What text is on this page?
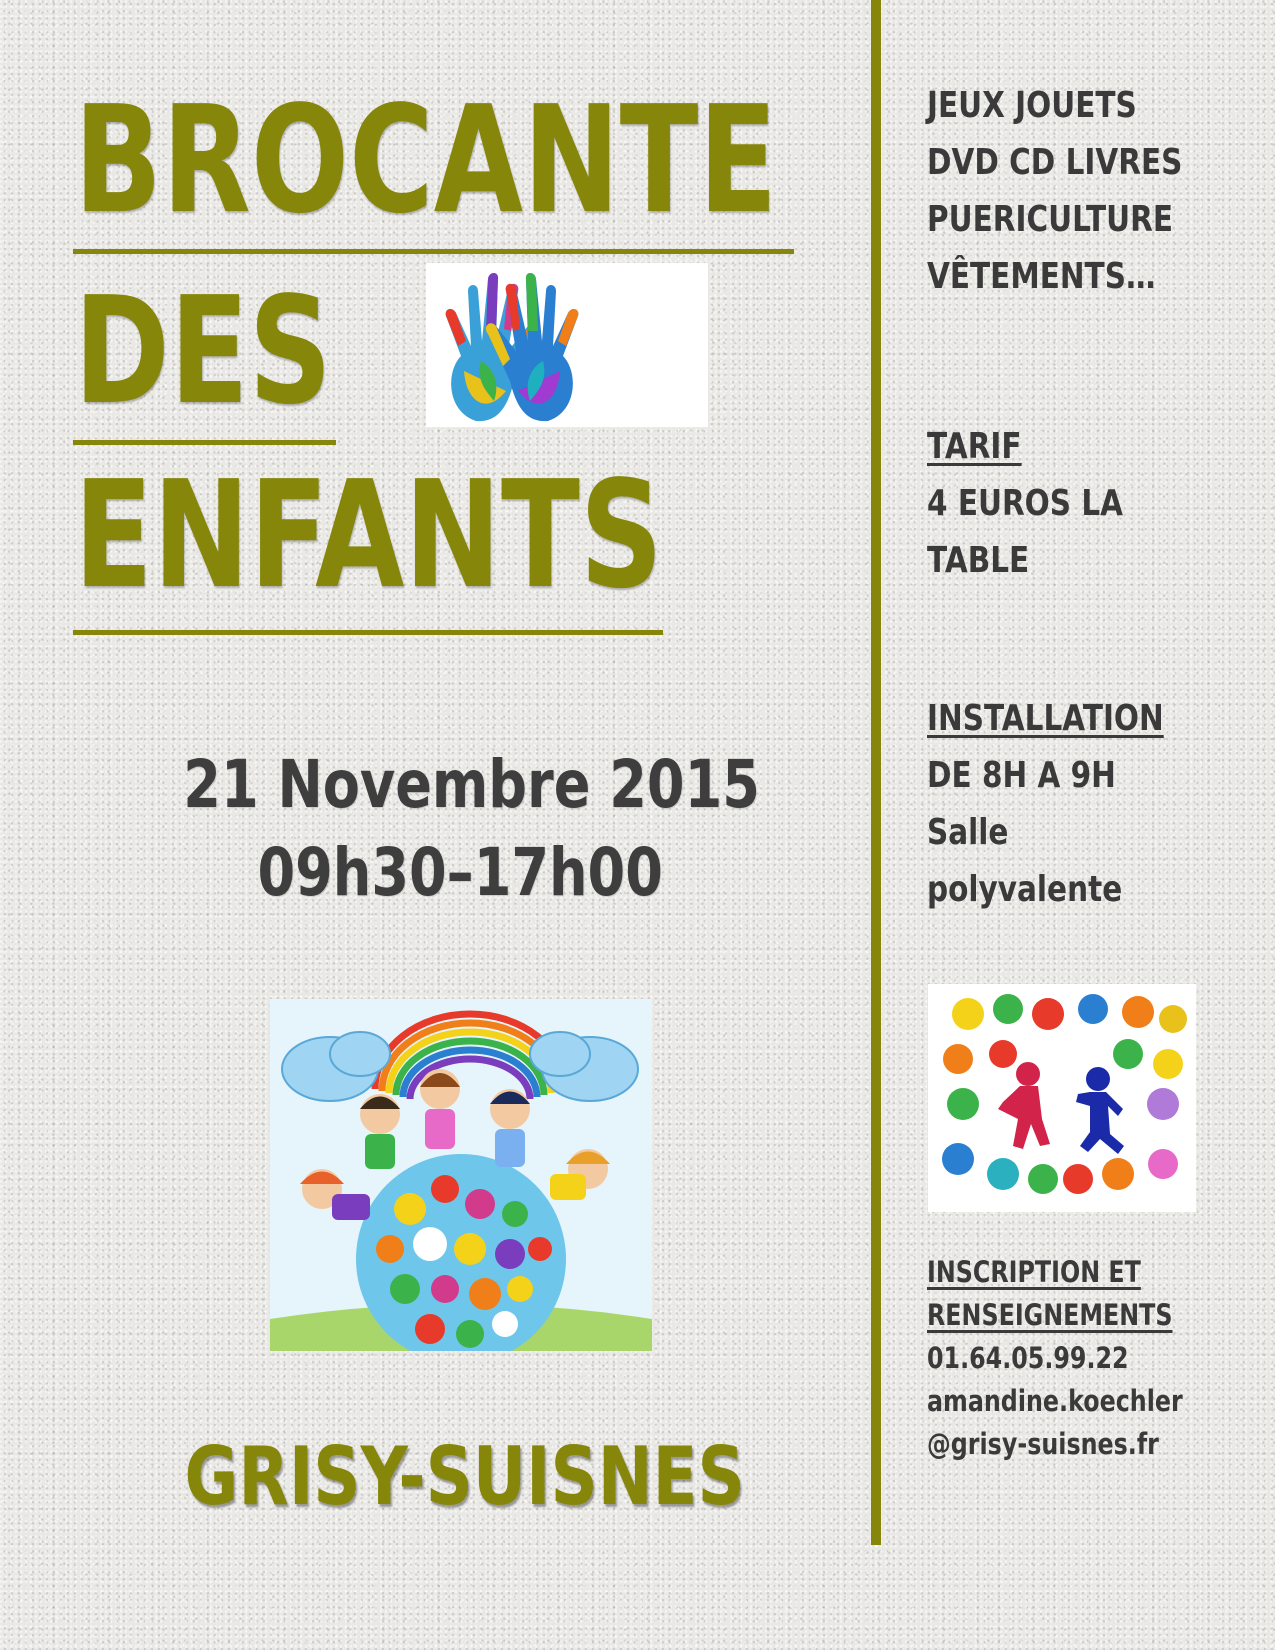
BROCANTE
DES
ENFANTS
21 Novembre 2015
09h30–17h00
GRISY-SUISNES
JEUX JOUETS
DVD CD LIVRES
PUERICULTURE
VÊTEMENTS…
TARIF
4 EUROS LA
TABLE
INSTALLATION
DE 8H A 9H
Salle
polyvalente
INSCRIPTION ET
RENSEIGNEMENTS
01.64.05.99.22
amandine.koechler
@grisy-suisnes.fr
